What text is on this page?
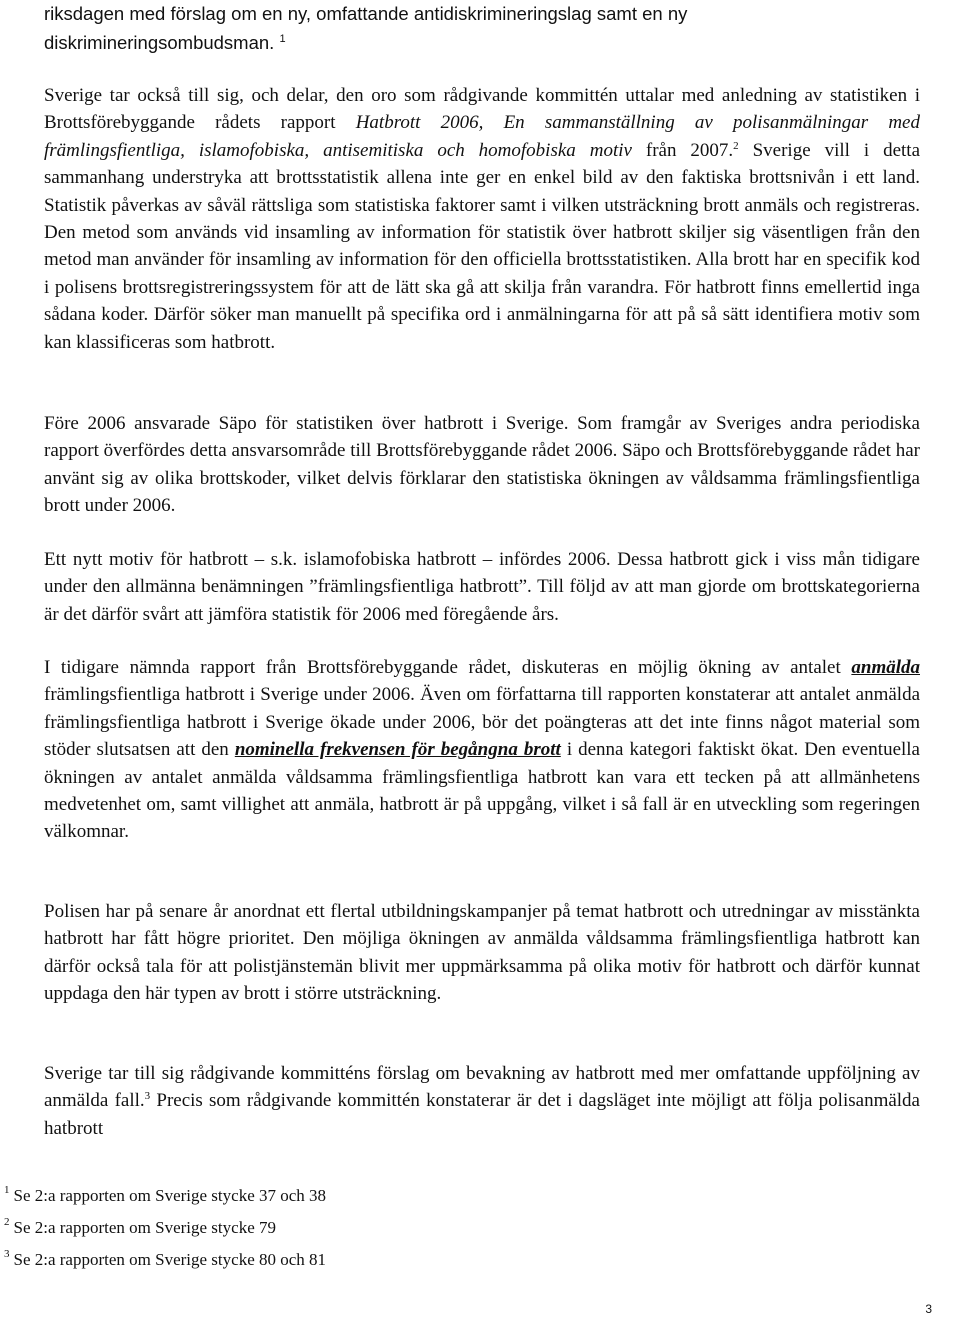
riksdagen med förslag om en ny, omfattande antidiskrimineringslag samt en ny diskrimineringsombudsman. $^1$

Sverige tar också till sig, och delar, den oro som rådgivande kommittén uttalar med anledning av statistiken i Brottsförebyggande rådets rapport Hatbrott 2006, En sammanställning av polisanmälningar med främlingsfientliga, islamofobiska, antisemitiska och homofobiska motiv från 2007.$^2$ Sverige vill i detta sammanhang understryka att brottsstatistik allena inte ger en enkel bild av den faktiska brottsnivån i ett land. Statistik påverkas av såväl rättsliga som statistiska faktorer samt i vilken utsträckning brott anmäls och registreras. Den metod som används vid insamling av information för statistik över hatbrott skiljer sig väsentligen från den metod man använder för insamling av information för den officiella brottsstatistiken. Alla brott har en specifik kod i polisens brottsregistreringssystem för att de lätt ska gå att skilja från varandra. För hatbrott finns emellertid inga sådana koder. Därför söker man manuellt på specifika ord i anmälningarna för att på så sätt identifiera motiv som kan klassificeras som hatbrott.

Före 2006 ansvarade Säpo för statistiken över hatbrott i Sverige. Som framgår av Sveriges andra periodiska rapport överfördes detta ansvarsområde till Brottsförebyggande rådet 2006. Säpo och Brottsförebyggande rådet har använt sig av olika brottskoder, vilket delvis förklarar den statistiska ökningen av våldsamma främlingsfientliga brott under 2006.

Ett nytt motiv för hatbrott – s.k. islamofobiska hatbrott – infördes 2006. Dessa hatbrott gick i viss mån tidigare under den allmänna benämningen ”främlingsfientliga hatbrott”. Till följd av att man gjorde om brottskategorierna är det därför svårt att jämföra statistik för 2006 med föregående års.

I tidigare nämnda rapport från Brottsförebyggande rådet, diskuteras en möjlig ökning av antalet anmälda främlingsfientliga hatbrott i Sverige under 2006. Även om författarna till rapporten konstaterar att antalet anmälda främlingsfientliga hatbrott i Sverige ökade under 2006, bör det poängteras att det inte finns något material som stöder slutsatsen att den nominella frekvensen för begångna brott i denna kategori faktiskt ökat. Den eventuella ökningen av antalet anmälda våldsamma främlingsfientliga hatbrott kan vara ett tecken på att allmänhetens medvetenhet om, samt villighet att anmäla, hatbrott är på uppgång, vilket i så fall är en utveckling som regeringen välkomnar.

Polisen har på senare år anordnat ett flertal utbildningskampanjer på temat hatbrott och utredningar av misstänkta hatbrott har fått högre prioritet. Den möjliga ökningen av anmälda våldsamma främlingsfientliga hatbrott kan därför också tala för att polistjänstemän blivit mer uppmärksamma på olika motiv för hatbrott och därför kunnat uppdaga den här typen av brott i större utsträckning.

Sverige tar till sig rådgivande kommitténs förslag om bevakning av hatbrott med mer omfattande uppföljning av anmälda fall.$^3$ Precis som rådgivande kommittén konstaterar är det i dagsläget inte möjligt att följa polisanmälda hatbrott

$^1$ Se 2:a rapporten om Sverige stycke 37 och 38
$^2$ Se 2:a rapporten om Sverige stycke 79
$^3$ Se 2:a rapporten om Sverige stycke 80 och 81
3
